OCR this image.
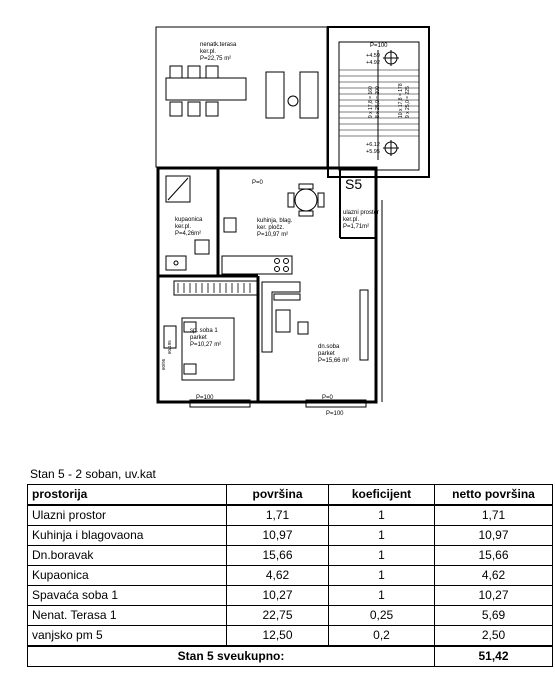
P=100
+4.59
+4.92
+6.12
+5.95
9 x 17,8 = 160 8 x 25,0 = 200	10 x 17,8 = 178 9 x 25,0 = 225
S5
nenatk.terasa
ker.pl.
P=22,75 m²
kupaonica
ker.pl.
P=4,26m²
kuhinja, blag.
ker. pločz.
P=10,97 m²
ulazni prostor
ker.pl.
P=1,71m²
sp. soba 1
parket
P=10,27 m²
60/195
60/95
dn.soba
parket
P=15,66 m²
P=0
P=0
P=100
P=100
Stan 5 - 2 soban, uv.kat
prostorija	površina	koeficijent	netto površina
Ulazni prostor	1,71	1	1,71
Kuhinja i blagovaona	10,97	1	10,97
Dn.boravak	15,66	1	15,66
Kupaonica	4,62	1	4,62
Spavaća soba 1	10,27	1	10,27
Nenat. Terasa 1	22,75	0,25	5,69
vanjsko pm 5	12,50	0,2	2,50
Stan 5 sveukupno:			51,42
